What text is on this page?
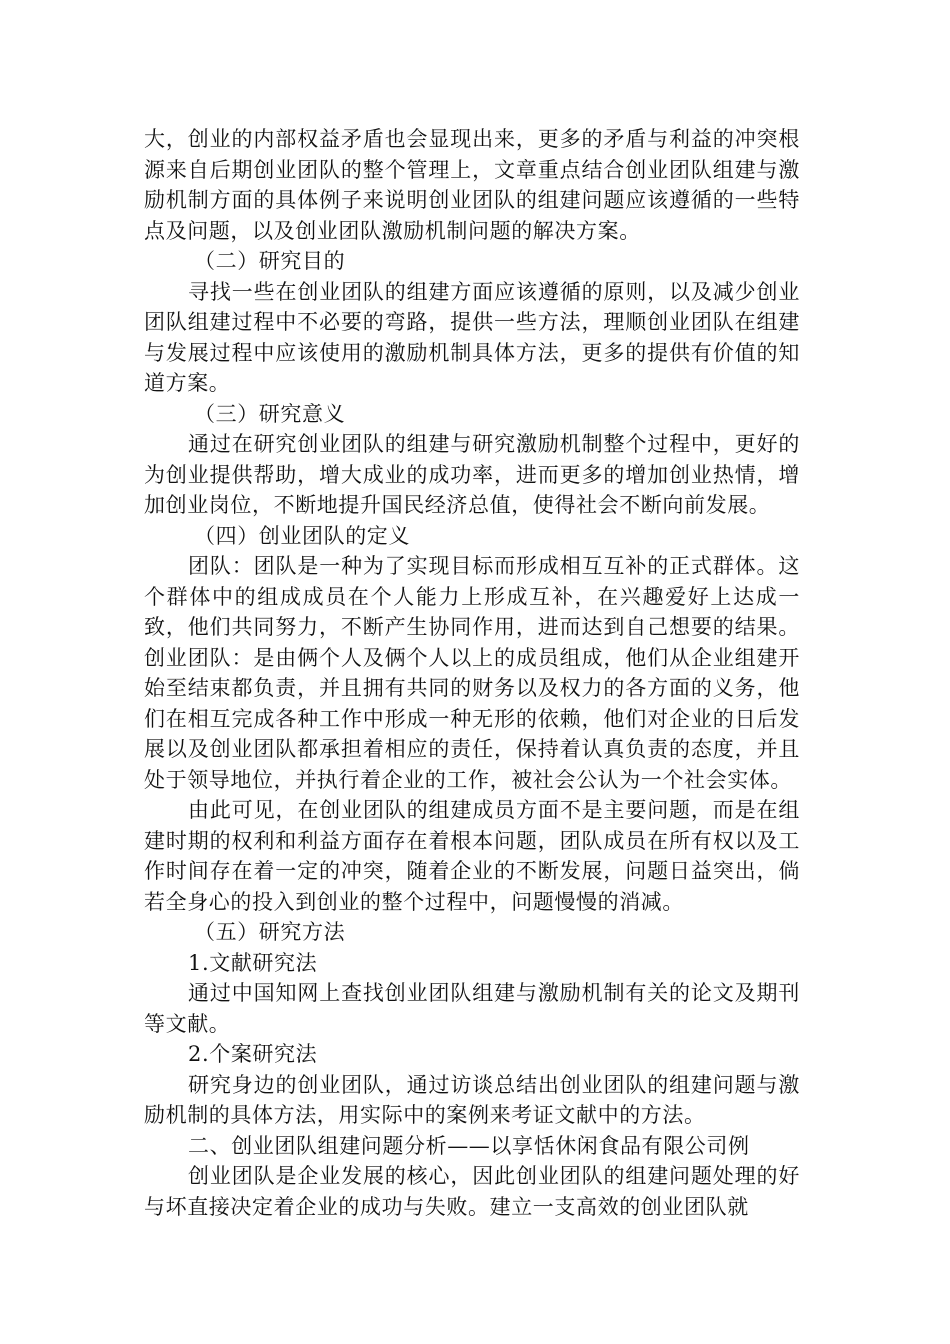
大，创业的内部权益矛盾也会显现出来，更多的矛盾与利益的冲突根源来自后期创业团队的整个管理上，文章重点结合创业团队组建与激励机制方面的具体例子来说明创业团队的组建问题应该遵循的一些特点及问题，以及创业团队激励机制问题的解决方案。

（二）研究目的

寻找一些在创业团队的组建方面应该遵循的原则，以及减少创业团队组建过程中不必要的弯路，提供一些方法，理顺创业团队在组建与发展过程中应该使用的激励机制具体方法，更多的提供有价值的知道方案。

（三）研究意义

通过在研究创业团队的组建与研究激励机制整个过程中，更好的为创业提供帮助，增大成业的成功率，进而更多的增加创业热情，增加创业岗位，不断地提升国民经济总值，使得社会不断向前发展。

（四）创业团队的定义

团队：团队是一种为了实现目标而形成相互互补的正式群体。这个群体中的组成成员在个人能力上形成互补，在兴趣爱好上达成一致，他们共同努力，不断产生协同作用，进而达到自己想要的结果。创业团队：是由俩个人及俩个人以上的成员组成，他们从企业组建开始至结束都负责，并且拥有共同的财务以及权力的各方面的义务，他们在相互完成各种工作中形成一种无形的依赖，他们对企业的日后发展以及创业团队都承担着相应的责任，保持着认真负责的态度，并且处于领导地位，并执行着企业的工作，被社会公认为一个社会实体。

由此可见，在创业团队的组建成员方面不是主要问题，而是在组建时期的权利和利益方面存在着根本问题，团队成员在所有权以及工作时间存在着一定的冲突，随着企业的不断发展，问题日益突出，倘若全身心的投入到创业的整个过程中，问题慢慢的消减。

（五）研究方法

1.文献研究法

通过中国知网上查找创业团队组建与激励机制有关的论文及期刊等文献。

2.个案研究法

研究身边的创业团队，通过访谈总结出创业团队的组建问题与激励机制的具体方法，用实际中的案例来考证文献中的方法。

二、创业团队组建问题分析——以享恬休闲食品有限公司例

创业团队是企业发展的核心，因此创业团队的组建问题处理的好与坏直接决定着企业的成功与失败。建立一支高效的创业团队就
